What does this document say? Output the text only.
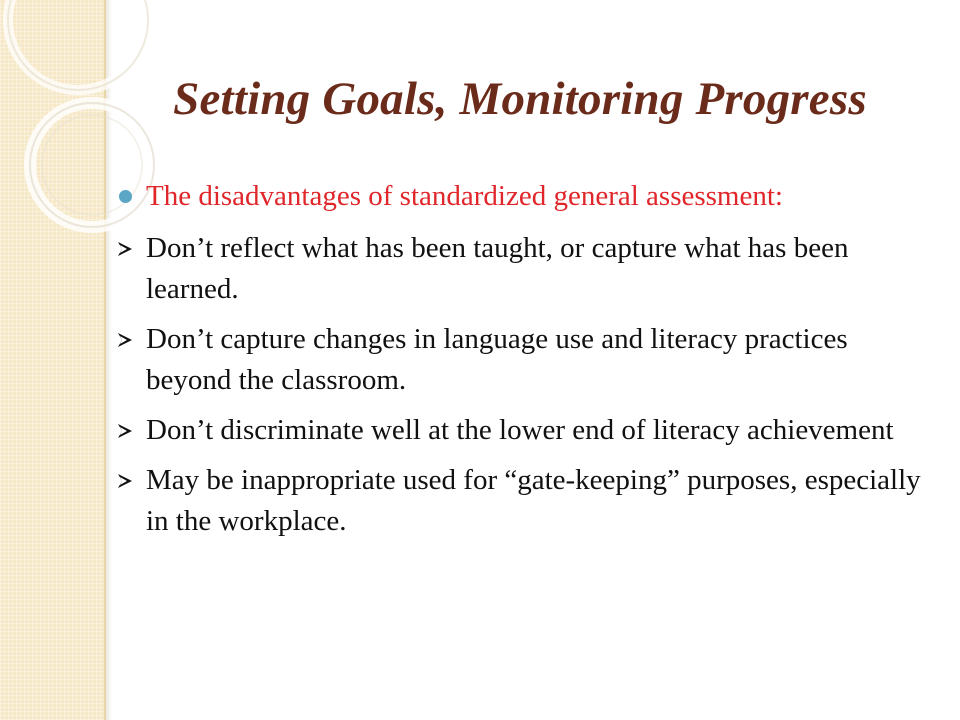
Setting Goals, Monitoring Progress
The disadvantages of standardized general assessment:
Don’t reflect what has been taught, or capture what has been learned.
Don’t capture changes in language use and literacy practices beyond the classroom.
Don’t discriminate well at the lower end of literacy achievement
May be inappropriate used for “gate-keeping” purposes, especially in the workplace.
